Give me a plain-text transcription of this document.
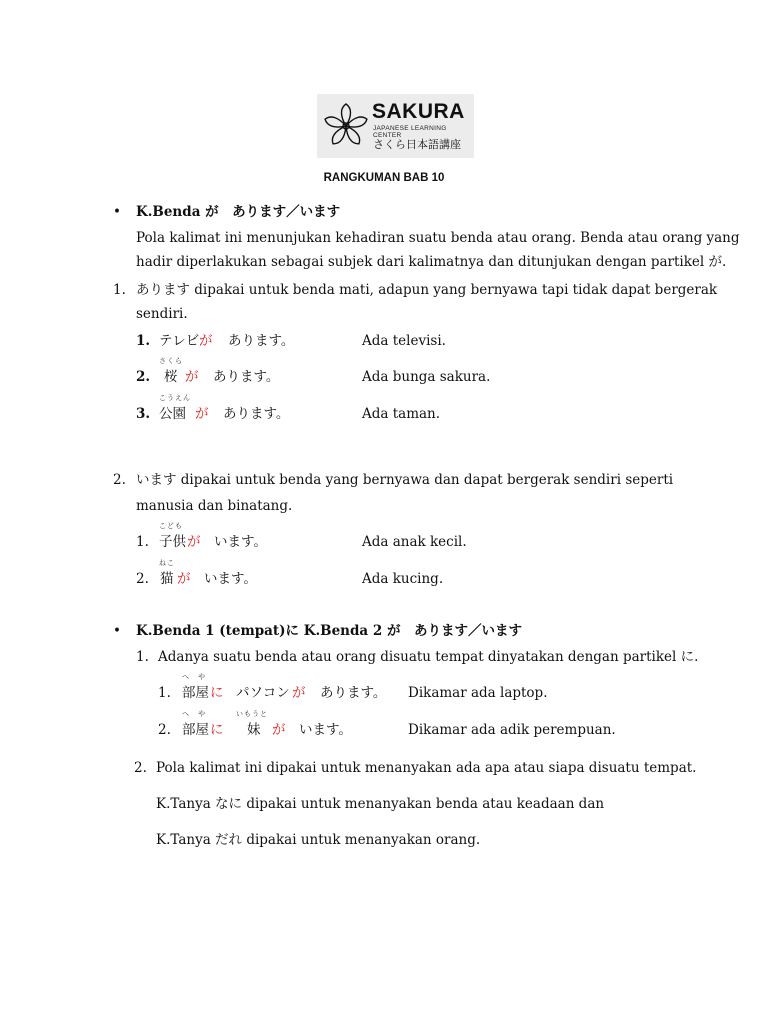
SAKURA
JAPANESE LEARNING CENTER
さくら日本語講座
RANGKUMAN BAB 10
• K.Benda が　あります／います
Pola kalimat ini menunjukan kehadiran suatu benda atau orang. Benda atau orang yang
hadir diperlakukan sebagai subjek dari kalimatnya dan ditunjukan dengan partikel が.
1. あります dipakai untuk benda mati, adapun yang bernyawa tapi tidak dapat bergerak
sendiri.
1. テレビ が あります。	Ada televisi.
さくら
2. 桜 が あります。	Ada bunga sakura.
こうえん
3. 公園 が あります。	Ada taman.
2. います dipakai untuk benda yang bernyawa dan dapat bergerak sendiri seperti
manusia dan binatang.
こども
1. 子供 が います。	Ada anak kecil.
ねこ
2. 猫 が います。	Ada kucing.
• K.Benda 1 (tempat)に K.Benda 2 が　あります／います
1. Adanya suatu benda atau orang disuatu tempat dinyatakan dengan partikel に.
へ　や
1. 部屋 に パソコン が あります。 Dikamar ada laptop.
へ　や	いもうと
2. 部屋 に 妹 が います。	Dikamar ada adik perempuan.
2. Pola kalimat ini dipakai untuk menanyakan ada apa atau siapa disuatu tempat.
K.Tanya なに dipakai untuk menanyakan benda atau keadaan dan
K.Tanya だれ dipakai untuk menanyakan orang.
